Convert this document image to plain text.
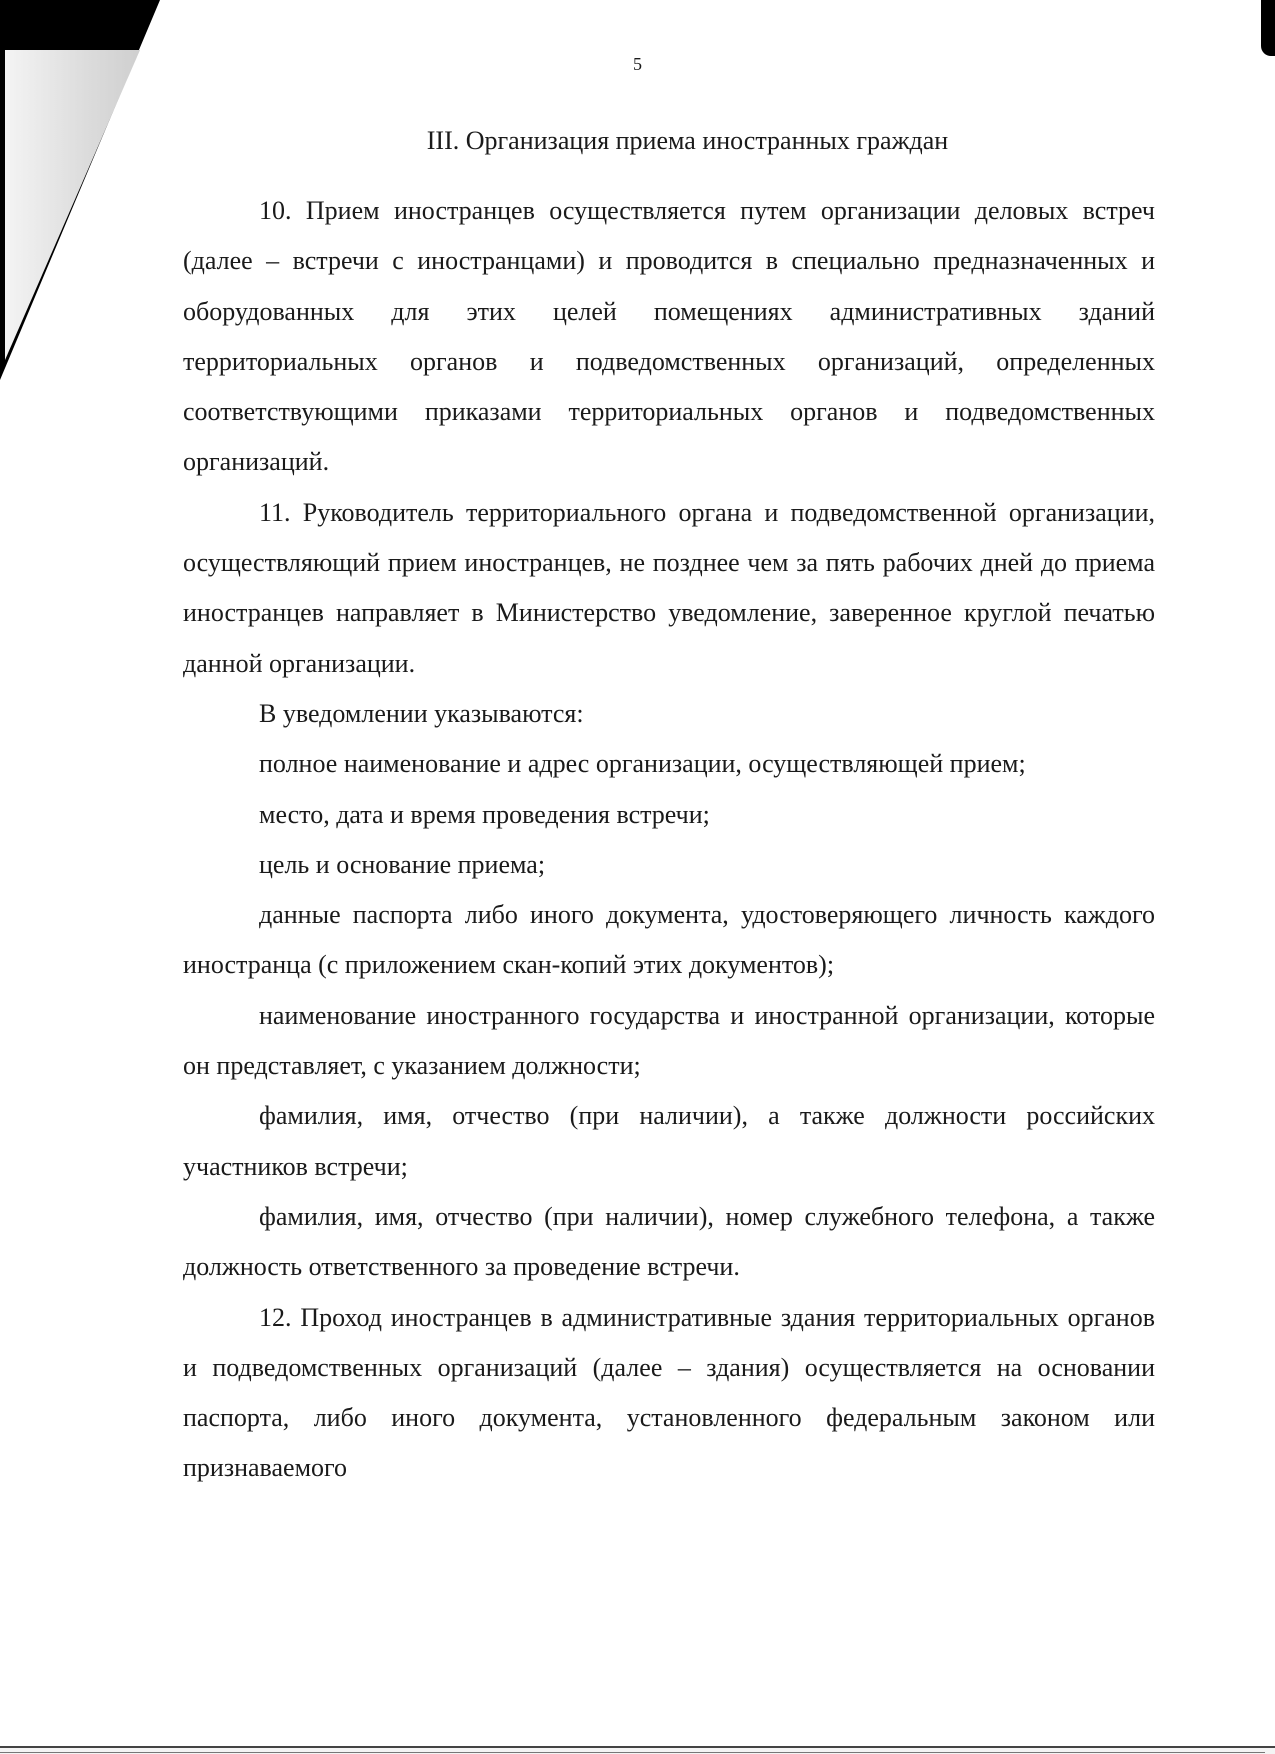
5
III. Организация приема иностранных граждан

10. Прием иностранцев осуществляется путем организации деловых встреч (далее – встречи с иностранцами) и проводится в специально предназначенных и оборудованных для этих целей помещениях административных зданий территориальных органов и подведомственных организаций, определенных соответствующими приказами территориальных органов и подведомственных организаций.

11. Руководитель территориального органа и подведомственной организации, осуществляющий прием иностранцев, не позднее чем за пять рабочих дней до приема иностранцев направляет в Министерство уведомление, заверенное круглой печатью данной организации.

В уведомлении указываются:

полное наименование и адрес организации, осуществляющей прием;

место, дата и время проведения встречи;

цель и основание приема;

данные паспорта либо иного документа, удостоверяющего личность каждого иностранца (с приложением скан-копий этих документов);

наименование иностранного государства и иностранной организации, которые он представляет, с указанием должности;

фамилия, имя, отчество (при наличии), а также должности российских участников встречи;

фамилия, имя, отчество (при наличии), номер служебного телефона, а также должность ответственного за проведение встречи.

12. Проход иностранцев в административные здания территориальных органов и подведомственных организаций (далее – здания) осуществляется на основании паспорта, либо иного документа, установленного федеральным законом или признаваемого
